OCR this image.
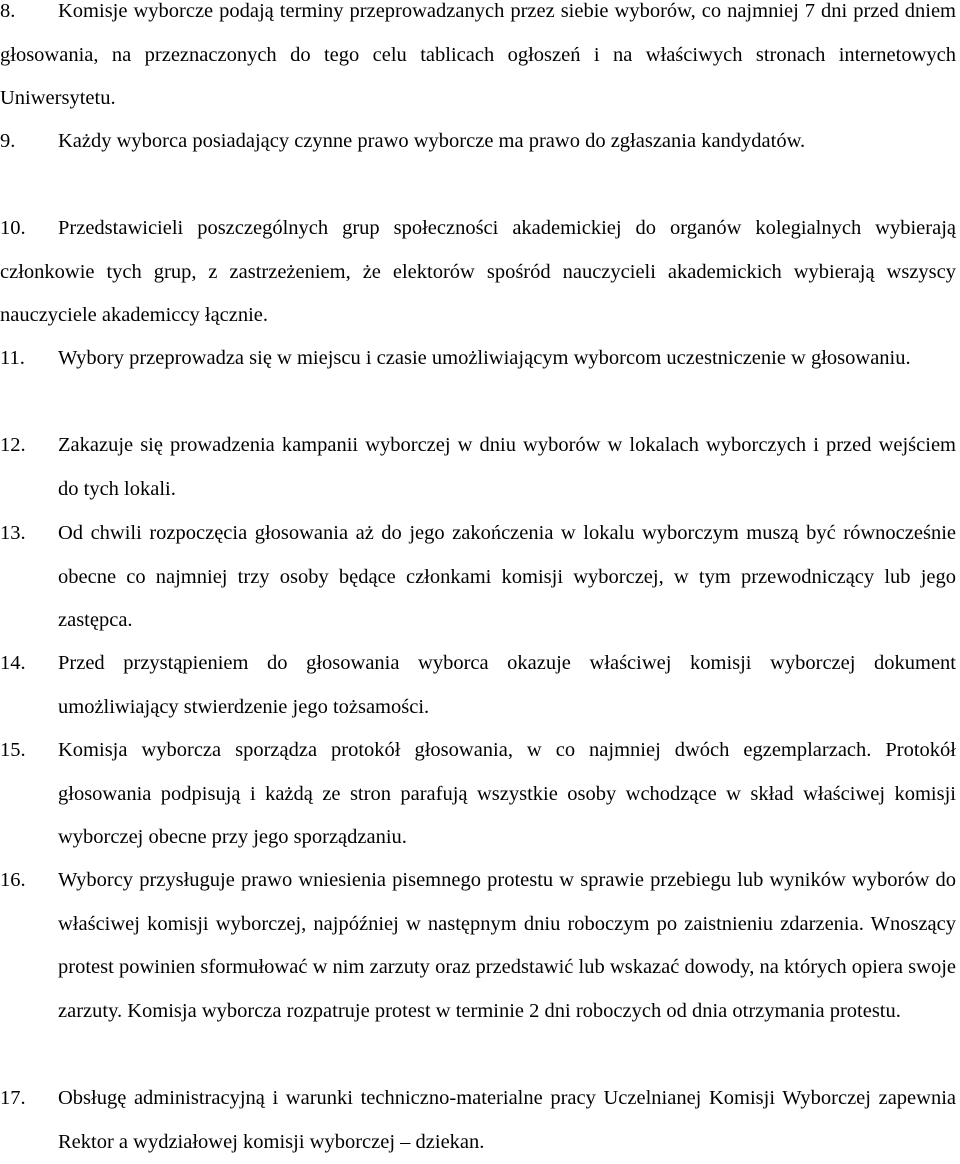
8.	Komisje wyborcze podają terminy przeprowadzanych przez siebie wyborów, co najmniej 7 dni przed dniem głosowania, na przeznaczonych do tego celu tablicach ogłoszeń i na właściwych stronach internetowych Uniwersytetu.
9.	Każdy wyborca posiadający czynne prawo wyborcze ma prawo do zgłaszania kandydatów.
10.	Przedstawicieli poszczególnych grup społeczności akademickiej do organów kolegialnych wybierają członkowie tych grup, z zastrzeżeniem, że elektorów spośród nauczycieli akademickich wybierają wszyscy nauczyciele akademiccy łącznie.
11.	Wybory przeprowadza się w miejscu i czasie umożliwiającym wyborcom uczestniczenie w głosowaniu.
12.	Zakazuje się prowadzenia kampanii wyborczej w dniu wyborów w lokalach wyborczych i przed wejściem do tych lokali.
13.	Od chwili rozpoczęcia głosowania aż do jego zakończenia w lokalu wyborczym muszą być równocześnie obecne co najmniej trzy osoby będące członkami komisji wyborczej, w tym przewodniczący lub jego zastępca.
14.	Przed przystąpieniem do głosowania wyborca okazuje właściwej komisji wyborczej dokument umożliwiający stwierdzenie jego tożsamości.
15.	Komisja wyborcza sporządza protokół głosowania, w co najmniej dwóch egzemplarzach. Protokół głosowania podpisują i każdą ze stron parafują wszystkie osoby wchodzące w skład właściwej komisji wyborczej obecne przy jego sporządzaniu.
16.	Wyborcy przysługuje prawo wniesienia pisemnego protestu w sprawie przebiegu lub wyników wyborów do właściwej komisji wyborczej, najpóźniej w następnym dniu roboczym po zaistnieniu zdarzenia. Wnoszący protest powinien sformułować w nim zarzuty oraz przedstawić lub wskazać dowody, na których opiera swoje zarzuty. Komisja wyborcza rozpatruje protest w terminie 2 dni roboczych od dnia otrzymania protestu.
17.	Obsługę administracyjną i warunki techniczno-materialne pracy Uczelnianej Komisji Wyborczej zapewnia Rektor a wydziałowej komisji wyborczej – dziekan.
